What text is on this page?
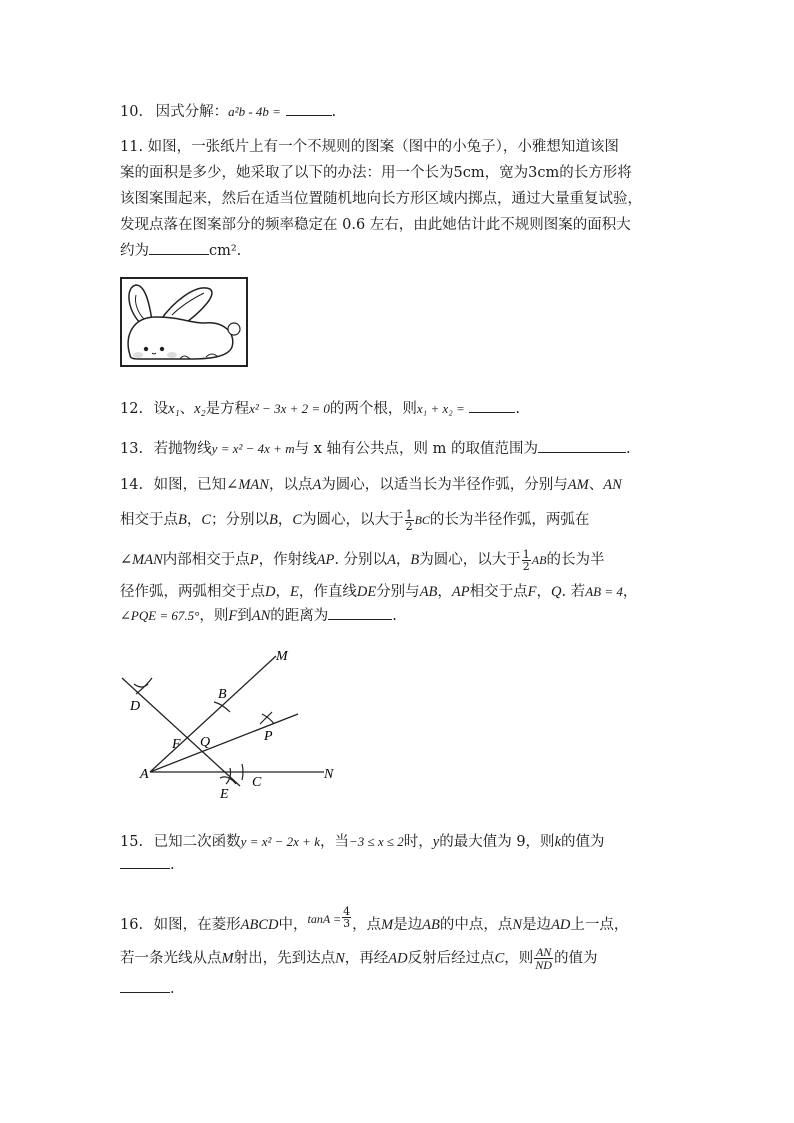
10. 因式分解：a²b - 4b =	.
11. 如图，一张纸片上有一个不规则的图案（图中的小兔子），小雅想知道该图
案的面积是多少，她采取了以下的办法：用一个长为5cm，宽为3cm的长方形将
该图案围起来，然后在适当位置随机地向长方形区域内掷点，通过大量重复试验，
发现点落在图案部分的频率稳定在 0.6 左右，由此她估计此不规则图案的面积大
约为	cm².
12. 设x₁、x₂是方程x² − 3x + 2 = 0的两个根，则x₁ + x₂ =	.
13. 若抛物线y = x² − 4x + m与 x 轴有公共点，则 m 的取值范围为	.
14. 如图，已知∠MAN，以点A为圆心，以适当长为半径作弧，分别与AM、AN
相交于点B，C；分别以B，C为圆心，以大于 $\frac{1}{2}$ BC的长为半径作弧，两弧在
∠MAN内部相交于点P，作射线AP. 分别以A，B为圆心，以大于 $\frac{1}{2}$ AB的长为半
径作弧，两弧相交于点D，E，作直线DE分别与AB，AP相交于点F，Q. 若AB = 4，
∠PQE = 67.5°，则F到AN的距离为	.
M
B
D
P
F Q
A
C
N
E
15. 已知二次函数y = x² − 2x + k，当−3 ≤ x ≤ 2时，y的最大值为 9，则k的值为
.
16. 如图，在菱形ABCD中，$^{tanA =} \frac{4}{3}$ ，点M是边AB的中点，点N是边AD上一点，
若一条光线从点M射出，先到达点N，再经AD反射后经过点C，则 $\frac{AN}{ND}$ 的值为
.
